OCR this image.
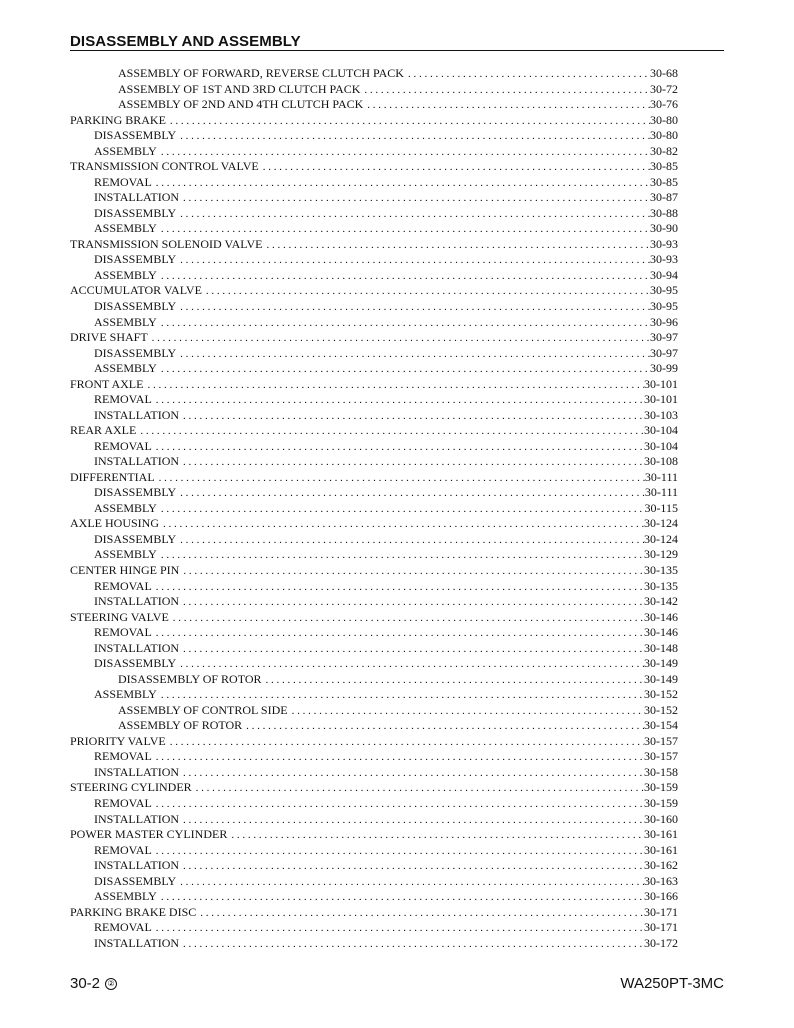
DISASSEMBLY AND ASSEMBLY
ASSEMBLY OF FORWARD, REVERSE CLUTCH PACK . . .	30-68
ASSEMBLY OF 1ST AND 3RD CLUTCH PACK . . .	30-72
ASSEMBLY OF 2ND AND 4TH CLUTCH PACK . . .	30-76
PARKING BRAKE . . .	30-80
DISASSEMBLY . . .	30-80
ASSEMBLY . . .	30-82
TRANSMISSION CONTROL VALVE . . .	30-85
REMOVAL . . .	30-85
INSTALLATION . . .	30-87
DISASSEMBLY . . .	30-88
ASSEMBLY . . .	30-90
TRANSMISSION SOLENOID VALVE . . .	30-93
DISASSEMBLY . . .	30-93
ASSEMBLY . . .	30-94
ACCUMULATOR VALVE . . .	30-95
DISASSEMBLY . . .	30-95
ASSEMBLY . . .	30-96
DRIVE SHAFT . . .	30-97
DISASSEMBLY . . .	30-97
ASSEMBLY . . .	30-99
FRONT AXLE . . .	30-101
REMOVAL . . .	30-101
INSTALLATION . . .	30-103
REAR AXLE . . .	30-104
REMOVAL . . .	30-104
INSTALLATION . . .	30-108
DIFFERENTIAL . . .	30-111
DISASSEMBLY . . .	30-111
ASSEMBLY . . .	30-115
AXLE HOUSING . . .	30-124
DISASSEMBLY . . .	30-124
ASSEMBLY . . .	30-129
CENTER HINGE PIN . . .	30-135
REMOVAL . . .	30-135
INSTALLATION . . .	30-142
STEERING VALVE . . .	30-146
REMOVAL . . .	30-146
INSTALLATION . . .	30-148
DISASSEMBLY . . .	30-149
DISASSEMBLY OF ROTOR . . .	30-149
ASSEMBLY . . .	30-152
ASSEMBLY OF CONTROL SIDE . . .	30-152
ASSEMBLY OF ROTOR . . .	30-154
PRIORITY VALVE . . .	30-157
REMOVAL . . .	30-157
INSTALLATION . . .	30-158
STEERING CYLINDER . . .	30-159
REMOVAL . . .	30-159
INSTALLATION . . .	30-160
POWER MASTER CYLINDER . . .	30-161
REMOVAL . . .	30-161
INSTALLATION . . .	30-162
DISASSEMBLY . . .	30-163
ASSEMBLY . . .	30-166
PARKING BRAKE DISC . . .	30-171
REMOVAL . . .	30-171
INSTALLATION . . .	30-172
30-2 ②	WA250PT-3MC
